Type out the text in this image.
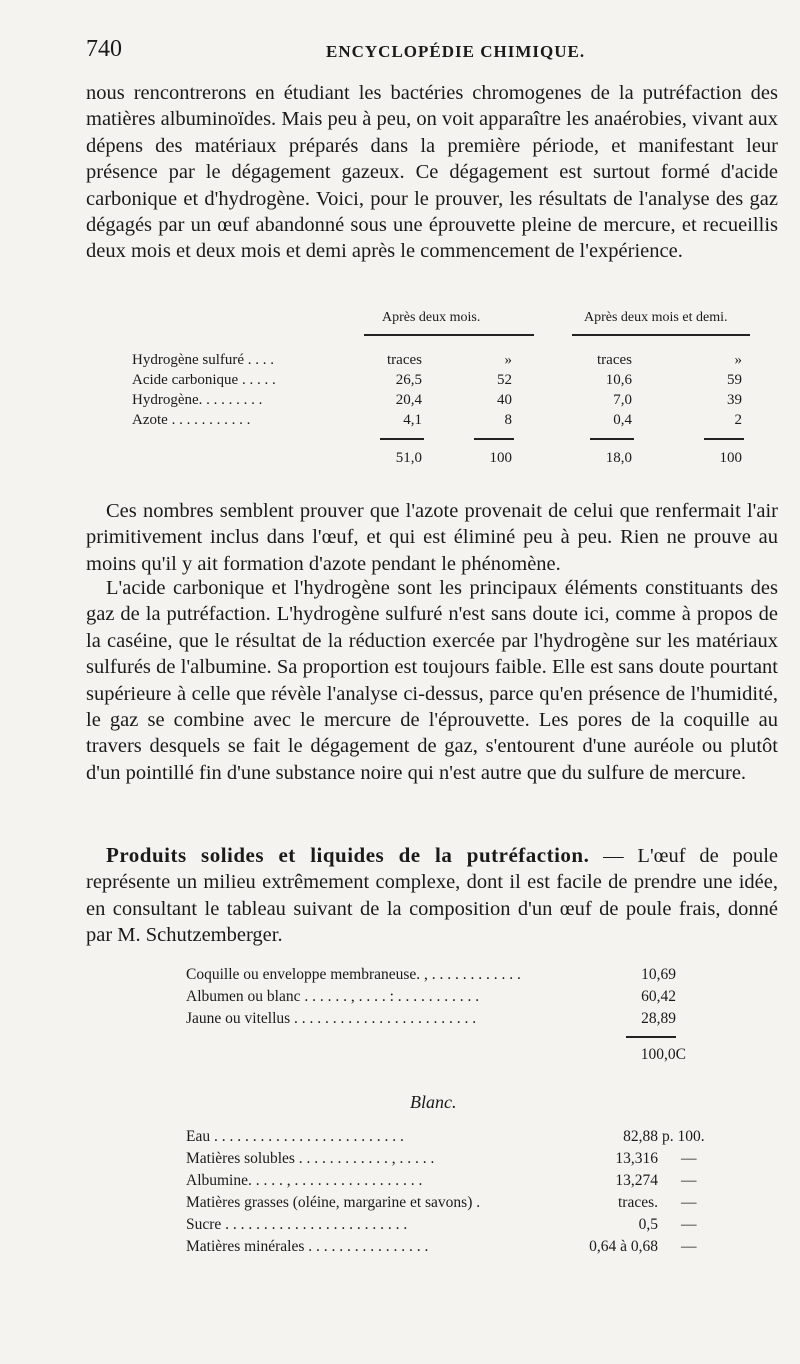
740	ENCYCLOPÉDIE CHIMIQUE.

nous rencontrerons en étudiant les bactéries chromogenes de la putréfaction des matières albuminoïdes. Mais peu à peu, on voit apparaître les anaérobies, vivant aux dépens des matériaux préparés dans la première période, et manifestant leur présence par le dégagement gazeux. Ce dégagement est surtout formé d'acide carbonique et d'hydrogène. Voici, pour le prouver, les résultats de l'analyse des gaz dégagés par un œuf abandonné sous une éprouvette pleine de mercure, et recueillis deux mois et deux mois et demi après le commencement de l'expérience.

Après deux mois.	Après deux mois et demi.
Hydrogène sulfuré . . . .	traces	»	traces	»
Acide carbonique . . . . .	26,5	52	10,6	59
Hydrogène. . . . . . . . .	20,4	40	7,0	39
Azote . . . . . . . . . . .	4,1	8	0,4	2
51,0	100	18,0	100

Ces nombres semblent prouver que l'azote provenait de celui que renfermait l'air primitivement inclus dans l'œuf, et qui est éliminé peu à peu. Rien ne prouve au moins qu'il y ait formation d'azote pendant le phénomène.

L'acide carbonique et l'hydrogène sont les principaux éléments constituants des gaz de la putréfaction. L'hydrogène sulfuré n'est sans doute ici, comme à propos de la caséine, que le résultat de la réduction exercée par l'hydrogène sur les matériaux sulfurés de l'albumine. Sa proportion est toujours faible. Elle est sans doute pourtant supérieure à celle que révèle l'analyse ci-dessus, parce qu'en présence de l'humidité, le gaz se combine avec le mercure de l'éprouvette. Les pores de la coquille au travers desquels se fait le dégagement de gaz, s'entourent d'une auréole ou plutôt d'un pointillé fin d'une substance noire qui n'est autre que du sulfure de mercure.

Produits solides et liquides de la putréfaction. — L'œuf de poule représente un milieu extrêmement complexe, dont il est facile de prendre une idée, en consultant le tableau suivant de la composition d'un œuf de poule frais, donné par M. Schutzemberger.

Coquille ou enveloppe membraneuse. , . . . . . . . . . . . .	10,69
Albumen ou blanc . . . . . . , . . . . : . . . . . . . . . . .	60,42
Jaune ou vitellus . . . . . . . . . . . . . . . . . . . . . . . .	28,89
100,0C
Blanc.
Eau . . . . . . . . . . . . . . . . . . . . . . . . .	82,88 p. 100.
Matières solubles . . . . . . . . . . . . , . . . . .	13,316 —
Albumine. . . . . , . . . . . . . . . . . . . . . . .	13,274 —
Matières grasses (oléine, margarine et savons) .	traces. —
Sucre . . . . . . . . . . . . . . . . . . . . . . . .	0,5 —
Matières minérales . . . . . . . . . . . . . . . .	0,64 à 0,68 —
